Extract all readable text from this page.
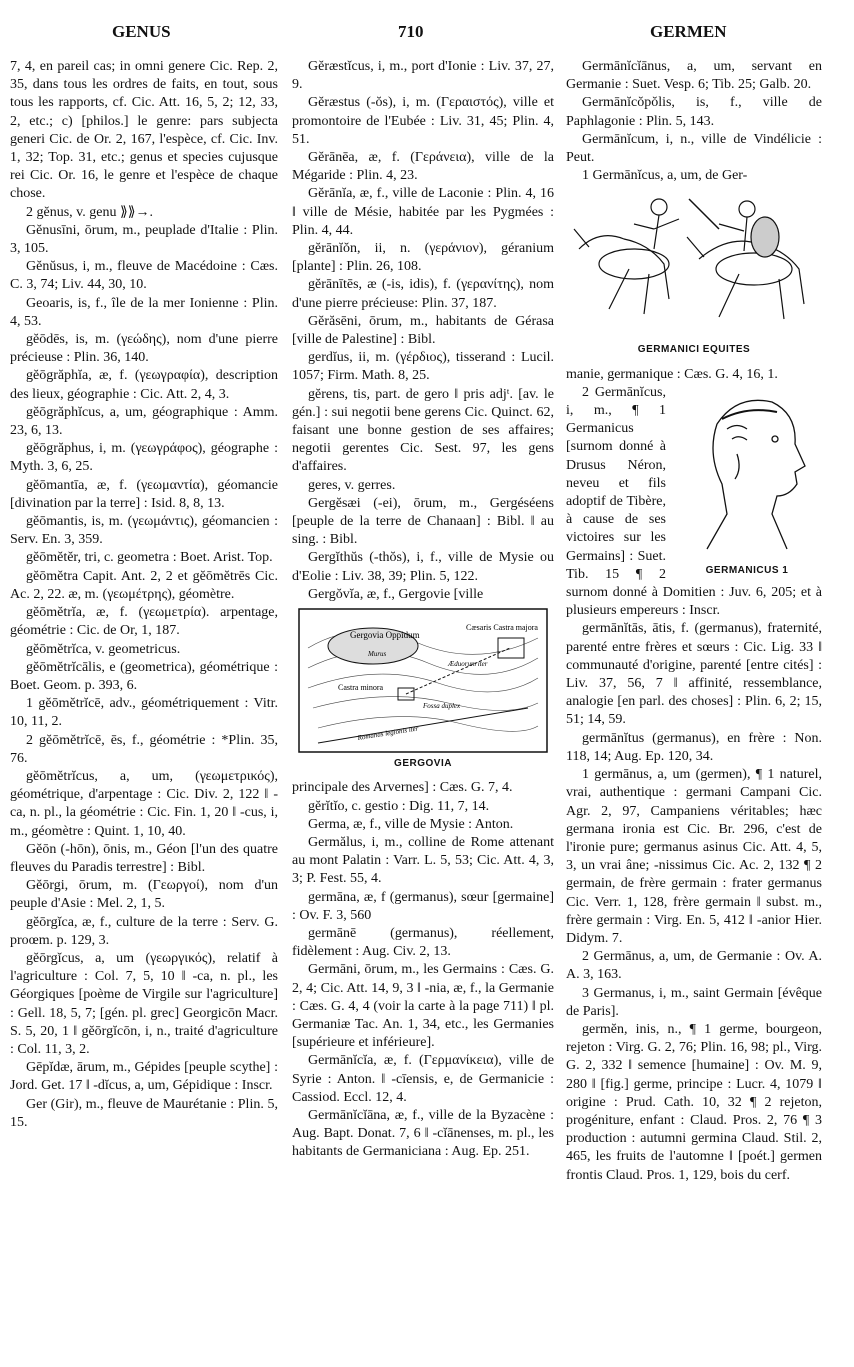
GENUS	710	GERMEN

7, 4, en pareil cas; in omni genere Cic. Rep. 2, 35, dans tous les ordres de faits, en tout, sous tous les rapports, cf. Cic. Att. 16, 5, 2; 12, 33, 2, etc.; c) [philos.] le genre: pars subjecta generi Cic. de Or. 2, 167, l'espèce, cf. Cic. Inv. 1, 32; Top. 31, etc.; genus et species cujusque rei Cic. Or. 16, le genre et l'espèce de chaque chose.

2 gĕnus, v. genu ⟫⟫→.

Gĕnusīni, ōrum, m., peuplade d'Italie : Plin. 3, 105.

Gĕnŭsus, i, m., fleuve de Macédoine : Cæs. C. 3, 74; Liv. 44, 30, 10.

Geoaris, is, f., île de la mer Ionienne : Plin. 4, 53.

gĕōdēs, is, m. (γεώδης), nom d'une pierre précieuse : Plin. 36, 140.

gĕōgrăphĭa, æ, f. (γεωγραφία), description des lieux, géographie : Cic. Att. 2, 4, 3.

gĕōgrăphĭcus, a, um, géographique : Amm. 23, 6, 13.

gĕōgrăphus, i, m. (γεωγράφος), géographe : Myth. 3, 6, 25.

gĕōmantīa, æ, f. (γεωμαντία), géomancie [divination par la terre] : Isid. 8, 8, 13.

gĕōmantis, is, m. (γεωμάντις), géomancien : Serv. En. 3, 359.

gĕōmĕtĕr, tri, c. geometra : Boet. Arist. Top.

gĕōmĕtra Capit. Ant. 2, 2 et gĕōmĕtrēs Cic. Ac. 2, 22. æ, m. (γεωμέτρης), géomètre.

gĕōmĕtrĭa, æ, f. (γεωμετρία). arpentage, géométrie : Cic. de Or, 1, 187.

gĕōmĕtrĭca, v. geometricus.

gĕōmĕtrĭcālis, e (geometrica), géométrique : Boet. Geom. p. 393, 6.

1 gĕōmĕtrĭcē, adv., géométriquement : Vitr. 10, 11, 2.

2 gĕōmĕtrĭcē, ēs, f., géométrie : *Plin. 35, 76.

gĕōmĕtrĭcus, a, um, (γεωμετρικός), géométrique, d'arpentage : Cic. Div. 2, 122 ‖ -ca, n. pl., la géométrie : Cic. Fin. 1, 20 ‖ -cus, i, m., géomètre : Quint. 1, 10, 40.

Gĕōn (-hōn), ōnis, m., Géon [l'un des quatre fleuves du Paradis terrestre] : Bibl.

Gĕōrgi, ōrum, m. (Γεωργοί), nom d'un peuple d'Asie : Mel. 2, 1, 5.

gĕōrgĭca, æ, f., culture de la terre : Serv. G. proœm. p. 129, 3.

gĕōrgĭcus, a, um (γεωργικός), relatif à l'agriculture : Col. 7, 5, 10 ‖ -ca, n. pl., les Géorgiques [poème de Virgile sur l'agriculture] : Gell. 18, 5, 7; [gén. pl. grec] Georgicōn Macr. S. 5, 20, 1 ‖ gĕōrgĭcōn, i, n., traité d'agriculture : Col. 11, 3, 2.

Gēpĭdæ, ārum, m., Gépides [peuple scythe] : Jord. Get. 17 ‖ -dĭcus, a, um, Gépidique : Inscr.

Ger (Gir), m., fleuve de Maurétanie : Plin. 5, 15.

Gĕræstĭcus, i, m., port d'Ionie : Liv. 37, 27, 9.

Gĕræstus (-ŏs), i, m. (Γεραιστός), ville et promontoire de l'Eubée : Liv. 31, 45; Plin. 4, 51.

Gĕrānēa, æ, f. (Γεράνεια), ville de la Mégaride : Plin. 4, 23.

Gĕrānĭa, æ, f., ville de Laconie : Plin. 4, 16 ‖ ville de Mésie, habitée par les Pygmées : Plin. 4, 44.

gĕrānĭŏn, ii, n. (γεράνιον), géranium [plante] : Plin. 26, 108.

gĕrānītēs, æ (-is, idis), f. (γερανίτης), nom d'une pierre précieuse: Plin. 37, 187.

Gĕrăsēni, ōrum, m., habitants de Gérasa [ville de Palestine] : Bibl.

gerdĭus, ii, m. (γέρδιος), tisserand : Lucil. 1057; Firm. Math. 8, 25.

gĕrens, tis, part. de gero ‖ pris adjᵗ. [av. le gén.] : sui negotii bene gerens Cic. Quinct. 62, faisant une bonne gestion de ses affaires; negotii gerentes Cic. Sest. 97, les gens d'affaires.

geres, v. gerres.

Gergĕsæi (-ei), ōrum, m., Gergéséens [peuple de la terre de Chanaan] : Bibl. ‖ au sing. : Bibl.

Gergĭthŭs (-thŏs), i, f., ville de Mysie ou d'Eolie : Liv. 38, 39; Plin. 5, 122.

Gergŏvĭa, æ, f., Gergovie [ville

Gergovia Oppidum
Murus
Cæsaris Castra majora
Castra minora
Fossa duplex
Æduorum iter
Romanas legionis iter
GERGOVIA

principale des Arvernes] : Cæs. G. 7, 4.

gĕrĭtĭo, c. gestio : Dig. 11, 7, 14.

Germa, æ, f., ville de Mysie : Anton.

Germălus, i, m., colline de Rome attenant au mont Palatin : Varr. L. 5, 53; Cic. Att. 4, 3, 3; P. Fest. 55, 4.

germāna, æ, f (germanus), sœur [germaine] : Ov. F. 3, 560

germānē (germanus), réellement, fidèlement : Aug. Civ. 2, 13.

Germāni, ōrum, m., les Germains : Cæs. G. 2, 4; Cic. Att. 14, 9, 3 ‖ -nia, æ, f., la Germanie : Cæs. G. 4, 4 (voir la carte à la page 711) ‖ pl. Germaniæ Tac. An. 1, 34, etc., les Germanies [supérieure et inférieure].

Germānĭcĭa, æ, f. (Γερμανίκεια), ville de Syrie : Anton. ‖ -cīensis, e, de Germanicie : Cassiod. Eccl. 12, 4.

Germānĭcĭāna, æ, f., ville de la Byzacène : Aug. Bapt. Donat. 7, 6 ‖ -cĭānenses, m. pl., les habitants de Germaniciana : Aug. Ep. 251.

Germānĭcĭānus, a, um, servant en Germanie : Suet. Vesp. 6; Tib. 25; Galb. 20.

Germānĭcŏpŏlis, is, f., ville de Paphlagonie : Plin. 5, 143.

Germānĭcum, i, n., ville de Vindélicie : Peut.

1 Germānĭcus, a, um, de Ger-

GERMANICI EQUITES

manie, germanique : Cæs. G. 4, 16, 1.

GERMANICUS 1

2 Germānĭcus, i, m., ¶ 1 Germanicus [surnom donné à Drusus Néron, neveu et fils adoptif de Tibère, à cause de ses victoires sur les Germains] : Suet. Tib. 15 ¶ 2 surnom donné à Domitien : Juv. 6, 205; et à plusieurs empereurs : Inscr.

germānĭtās, ātis, f. (germanus), fraternité, parenté entre frères et sœurs : Cic. Lig. 33 ‖ communauté d'origine, parenté [entre cités] : Liv. 37, 56, 7 ‖ affinité, ressemblance, analogie [en parl. des choses] : Plin. 6, 2; 15, 51; 14, 59.

germānĭtus (germanus), en frère : Non. 118, 14; Aug. Ep. 120, 34.

1 germānus, a, um (germen), ¶ 1 naturel, vrai, authentique : germani Campani Cic. Agr. 2, 97, Campaniens véritables; hæc germana ironia est Cic. Br. 296, c'est de l'ironie pure; germanus asinus Cic. Att. 4, 5, 3, un vrai âne; -nissimus Cic. Ac. 2, 132 ¶ 2 germain, de frère germain : frater germanus Cic. Verr. 1, 128, frère germain ‖ subst. m., frère germain : Virg. En. 5, 412 ‖ -anior Hier. Didym. 7.

2 Germānus, a, um, de Germanie : Ov. A. A. 3, 163.

3 Germanus, i, m., saint Germain [évêque de Paris].

germĕn, inis, n., ¶ 1 germe, bourgeon, rejeton : Virg. G. 2, 76; Plin. 16, 98; pl., Virg. G. 2, 332 ‖ semence [humaine] : Ov. M. 9, 280 ‖ [fig.] germe, principe : Lucr. 4, 1079 ‖ origine : Prud. Cath. 10, 32 ¶ 2 rejeton, progéniture, enfant : Claud. Pros. 2, 76 ¶ 3 production : autumni germina Claud. Stil. 2, 465, les fruits de l'automne ‖ [poét.] germen frontis Claud. Pros. 1, 129, bois du cerf.
